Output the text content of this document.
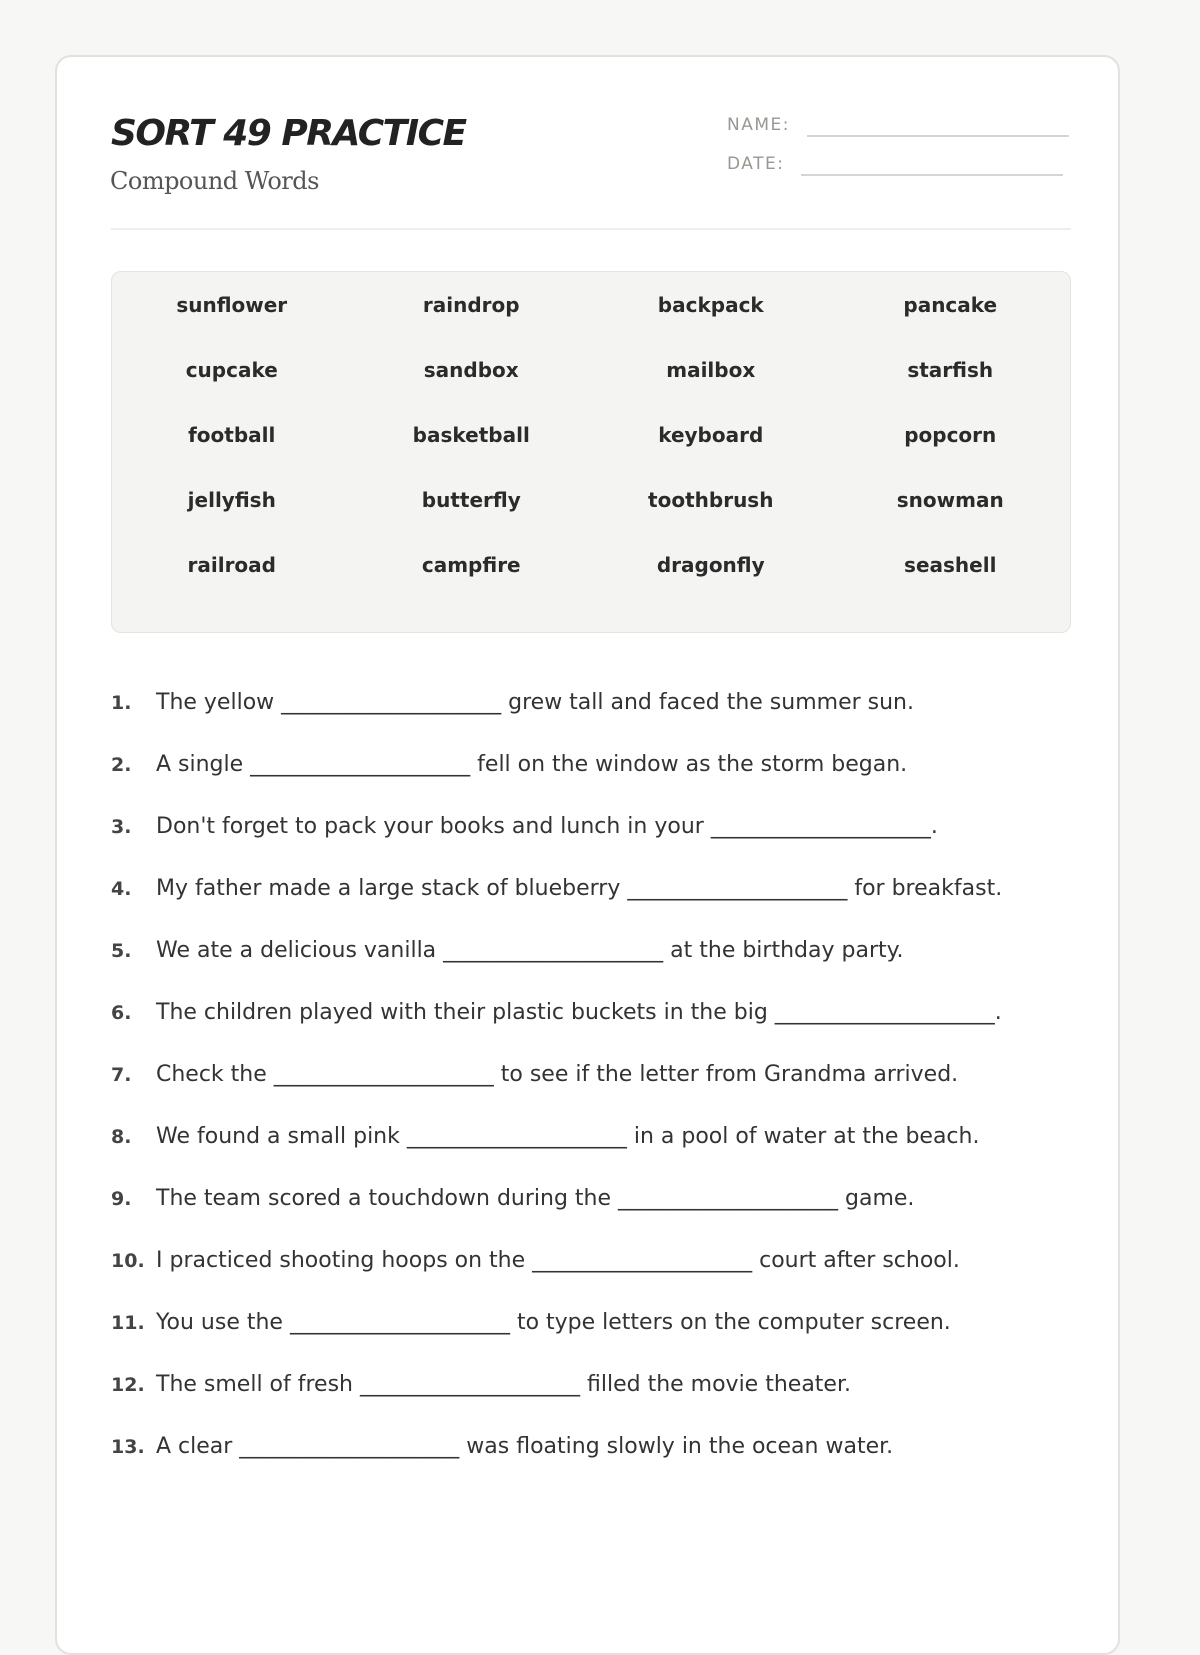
SORT 49 PRACTICE
Compound Words
NAME:
DATE:
sunflower	raindrop	backpack	pancake
cupcake	sandbox	mailbox	starfish
football	basketball	keyboard	popcorn
jellyfish	butterfly	toothbrush	snowman
railroad	campfire	dragonfly	seashell
1.	The yellow ____________________ grew tall and faced the summer sun.
2.	A single ____________________ fell on the window as the storm began.
3.	Don't forget to pack your books and lunch in your ____________________.
4.	My father made a large stack of blueberry ____________________ for breakfast.
5.	We ate a delicious vanilla ____________________ at the birthday party.
6.	The children played with their plastic buckets in the big ____________________.
7.	Check the ____________________ to see if the letter from Grandma arrived.
8.	We found a small pink ____________________ in a pool of water at the beach.
9.	The team scored a touchdown during the ____________________ game.
10. I practiced shooting hoops on the ____________________ court after school.
11. You use the ____________________ to type letters on the computer screen.
12. The smell of fresh ____________________ filled the movie theater.
13. A clear ____________________ was floating slowly in the ocean water.
